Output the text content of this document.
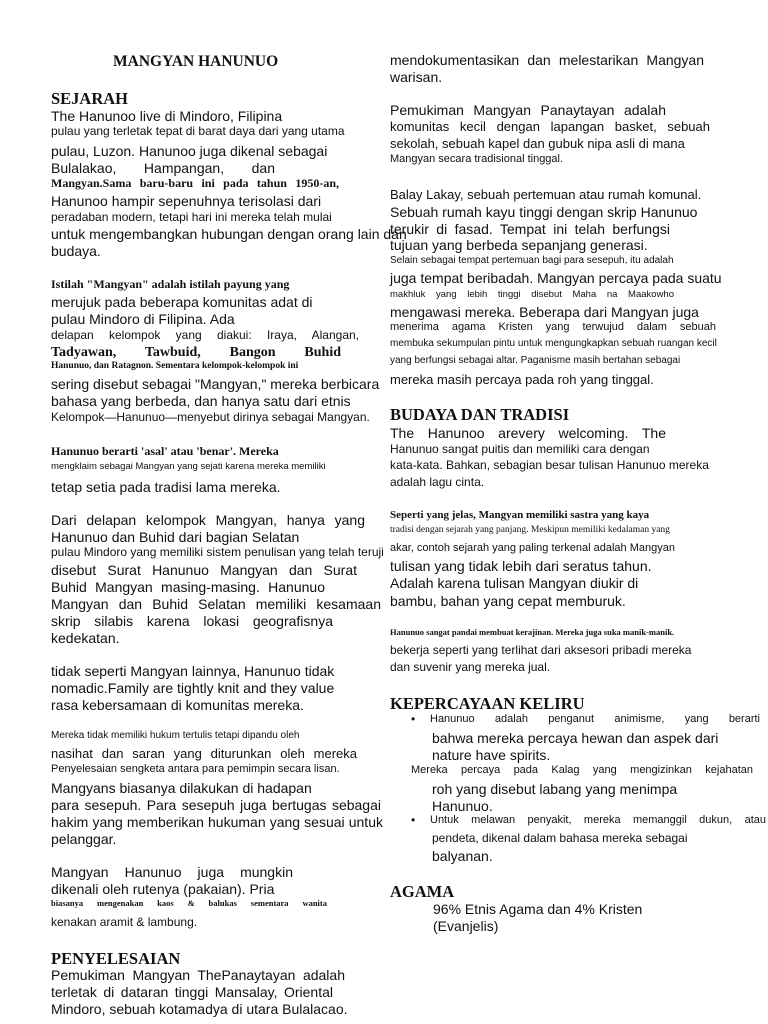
MANGYAN HANUNUO
SEJARAH

The Hanunoo live di Mindoro, Filipina

pulau yang terletak tepat di barat daya dari yang utama

pulau, Luzon. Hanunoo juga dikenal sebagai

Bulalakao, Hampangan, dan

Mangyan.Sama baru-baru ini pada tahun 1950-an,

Hanunoo hampir sepenuhnya terisolasi dari

peradaban modern, tetapi hari ini mereka telah mulai

untuk mengembangkan hubungan dengan orang lain dan

budaya.

Istilah "Mangyan" adalah istilah payung yang

merujuk pada beberapa komunitas adat di

pulau Mindoro di Filipina. Ada

delapan kelompok yang diakui: Iraya, Alangan,

Tadyawan, Tawbuid, Bangon Buhid

Hanunuo, dan Ratagnon. Sementara kelompok-kelompok ini

sering disebut sebagai "Mangyan," mereka berbicara

bahasa yang berbeda, dan hanya satu dari etnis

Kelompok—Hanunuo—menyebut dirinya sebagai Mangyan.

Hanunuo berarti 'asal' atau 'benar'. Mereka

mengklaim sebagai Mangyan yang sejati karena mereka memiliki

tetap setia pada tradisi lama mereka.

Dari delapan kelompok Mangyan, hanya yang

Hanunuo dan Buhid dari bagian Selatan

pulau Mindoro yang memiliki sistem penulisan yang telah teruji

disebut Surat Hanunuo Mangyan dan Surat

Buhid Mangyan masing-masing. Hanunuo

Mangyan dan Buhid Selatan memiliki kesamaan

skrip silabis karena lokasi geografisnya

kedekatan.

tidak seperti Mangyan lainnya, Hanunuo tidak

nomadic.Family are tightly knit and they value

rasa kebersamaan di komunitas mereka.

Mereka tidak memiliki hukum tertulis tetapi dipandu oleh

nasihat dan saran yang diturunkan oleh mereka

Penyelesaian sengketa antara para pemimpin secara lisan.

Mangyans biasanya dilakukan di hadapan

para sesepuh. Para sesepuh juga bertugas sebagai

hakim yang memberikan hukuman yang sesuai untuk

pelanggar.

Mangyan Hanunuo juga mungkin

dikenali oleh rutenya (pakaian). Pria

biasanya mengenakan kaos & balukas sementara wanita

kenakan aramit & lambung.

PENYELESAIAN

Pemukiman Mangyan ThePanaytayan adalah

terletak di dataran tinggi Mansalay, Oriental

Mindoro, sebuah kotamadya di utara Bulalacao.

mendokumentasikan dan melestarikan Mangyan

warisan.

Pemukiman Mangyan Panaytayan adalah

komunitas kecil dengan lapangan basket, sebuah

sekolah, sebuah kapel dan gubuk nipa asli di mana

Mangyan secara tradisional tinggal.

Balay Lakay, sebuah pertemuan atau rumah komunal.

Sebuah rumah kayu tinggi dengan skrip Hanunuo

terukir di fasad. Tempat ini telah berfungsi

tujuan yang berbeda sepanjang generasi.

Selain sebagai tempat pertemuan bagi para sesepuh, itu adalah

juga tempat beribadah. Mangyan percaya pada suatu

makhluk yang lebih tinggi disebut Maha na Maakowho

mengawasi mereka. Beberapa dari Mangyan juga

menerima agama Kristen yang terwujud dalam sebuah

membuka sekumpulan pintu untuk mengungkapkan sebuah ruangan kecil

yang berfungsi sebagai altar. Paganisme masih bertahan sebagai

mereka masih percaya pada roh yang tinggal.

BUDAYA DAN TRADISI

The Hanunoo arevery welcoming. The

Hanunuo sangat puitis dan memiliki cara dengan

kata-kata. Bahkan, sebagian besar tulisan Hanunuo mereka

adalah lagu cinta.

Seperti yang jelas, Mangyan memiliki sastra yang kaya

tradisi dengan sejarah yang panjang. Meskipun memiliki kedalaman yang

akar, contoh sejarah yang paling terkenal adalah Mangyan

tulisan yang tidak lebih dari seratus tahun.

Adalah karena tulisan Mangyan diukir di

bambu, bahan yang cepat memburuk.

Hanunuo sangat pandai membuat kerajinan. Mereka juga suka manik-manik.

bekerja seperti yang terlihat dari aksesori pribadi mereka

dan suvenir yang mereka jual.

KEPERCAYAAN KELIRU
• Hanunuo adalah penganut animisme, yang berarti

bahwa mereka percaya hewan dan aspek dari

nature have spirits.

Mereka percaya pada Kalag yang mengizinkan kejahatan

roh yang disebut labang yang menimpa

Hanunuo.

• Untuk melawan penyakit, mereka memanggil dukun, atau

pendeta, dikenal dalam bahasa mereka sebagai

balyanan.

AGAMA

96% Etnis Agama dan 4% Kristen

(Evanjelis)
